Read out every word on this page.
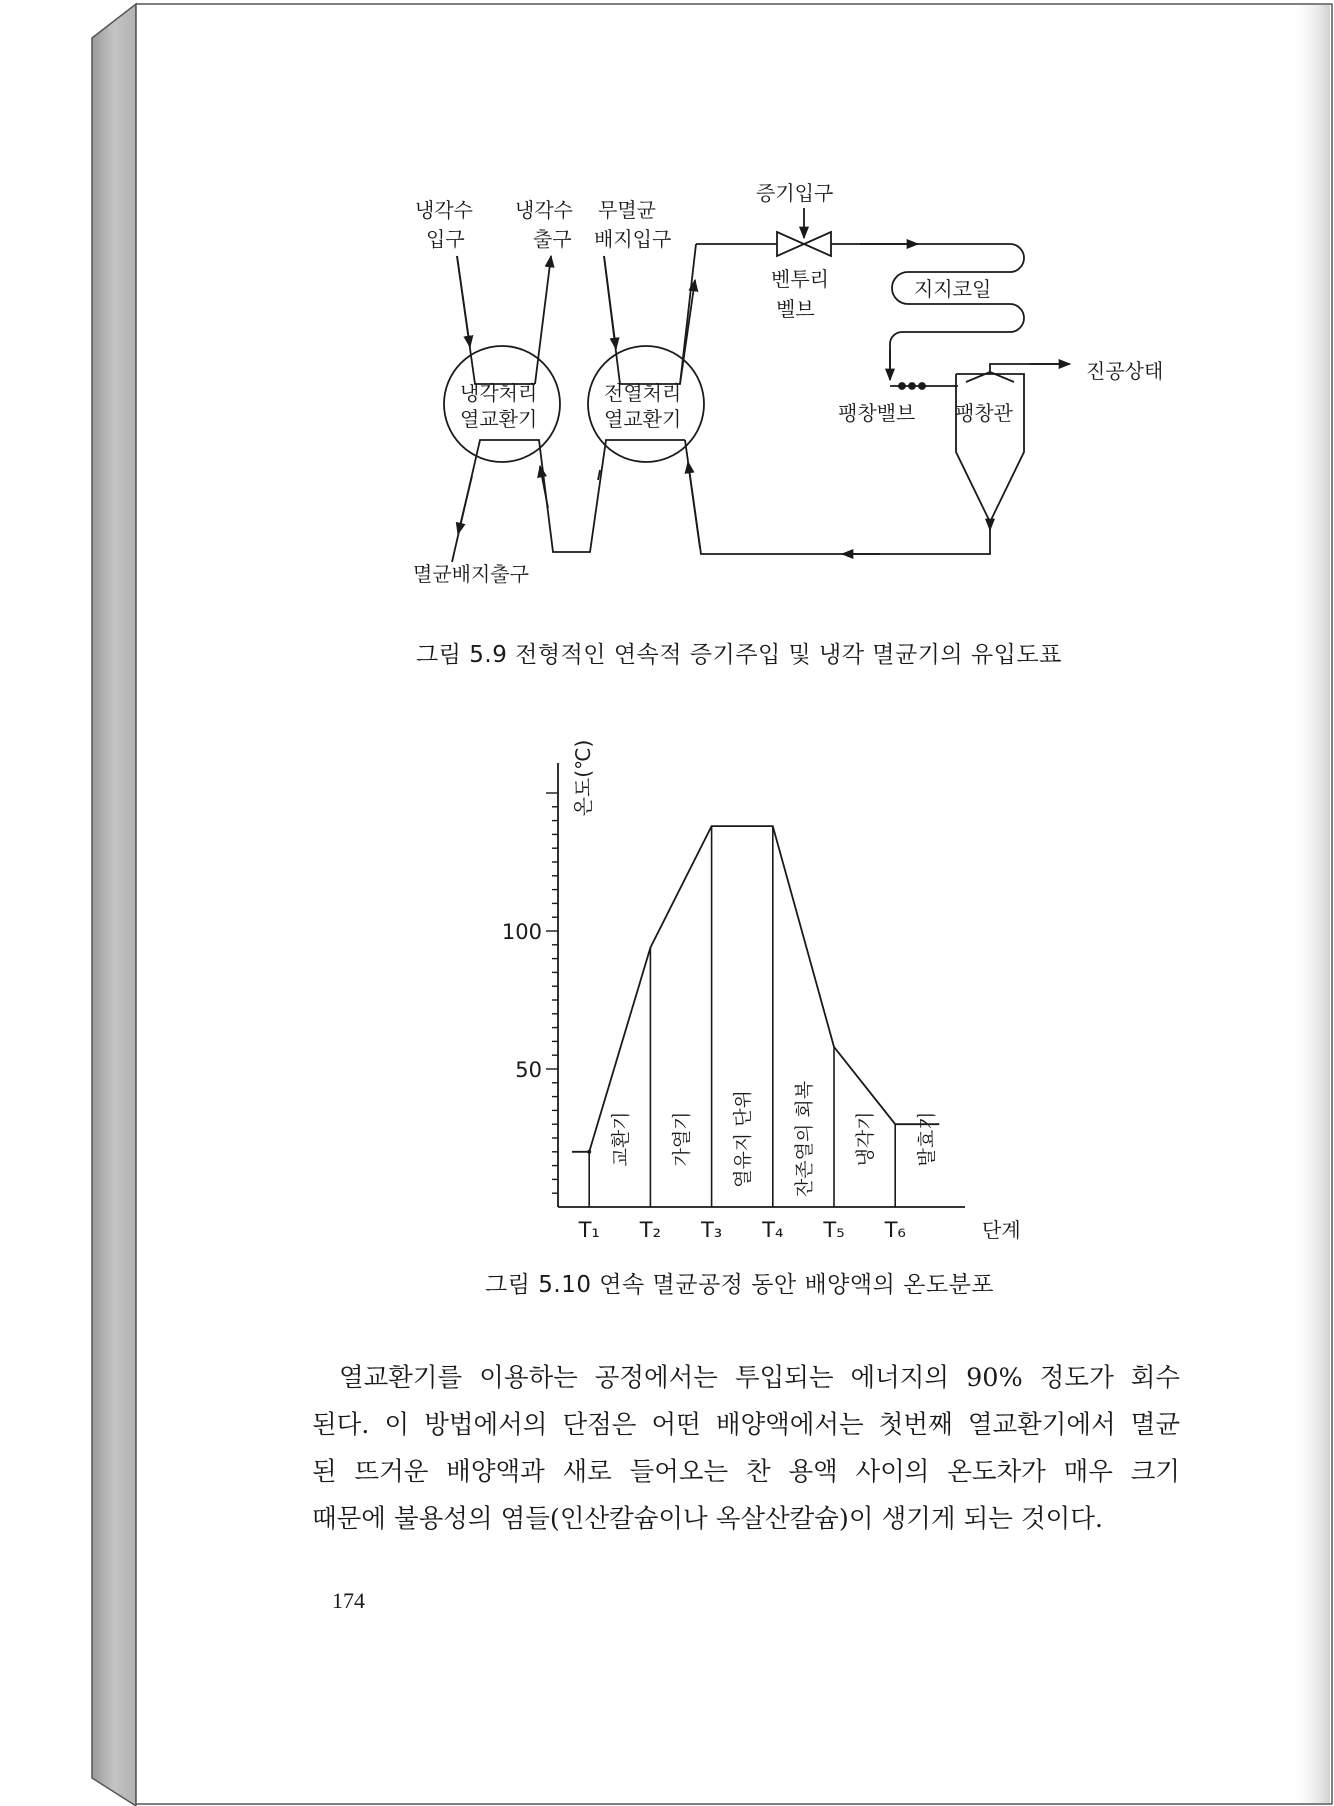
냉각수
입구
냉각수
출구
무멸균
배지입구
증기입구
벤투리
벨브
지지코일
진공상태
팽창밸브 팽창관
냉각처리
열교환기
전열처리
열교환기
멸균배지출구
그림 5.9 전형적인 연속적 증기주입 및 냉각 멸균기의 유입도표
50
100
T₁ T₂ T₃ T₄ T₅ T₆	단계
온도(℃)
교환기 가열기 열유지 단위 잔존열의 회복 냉각기 발효기
그림 5.10 연속 멸균공정 동안 배양액의 온도분포

열교환기를 이용하는 공정에서는 투입되는 에너지의 90% 정도가 회수

된다. 이 방법에서의 단점은 어떤 배양액에서는 첫번째 열교환기에서 멸균

된 뜨거운 배양액과 새로 들어오는 찬 용액 사이의 온도차가 매우 크기

때문에 불용성의 염들(인산칼슘이나 옥살산칼슘)이 생기게 되는 것이다.

174
